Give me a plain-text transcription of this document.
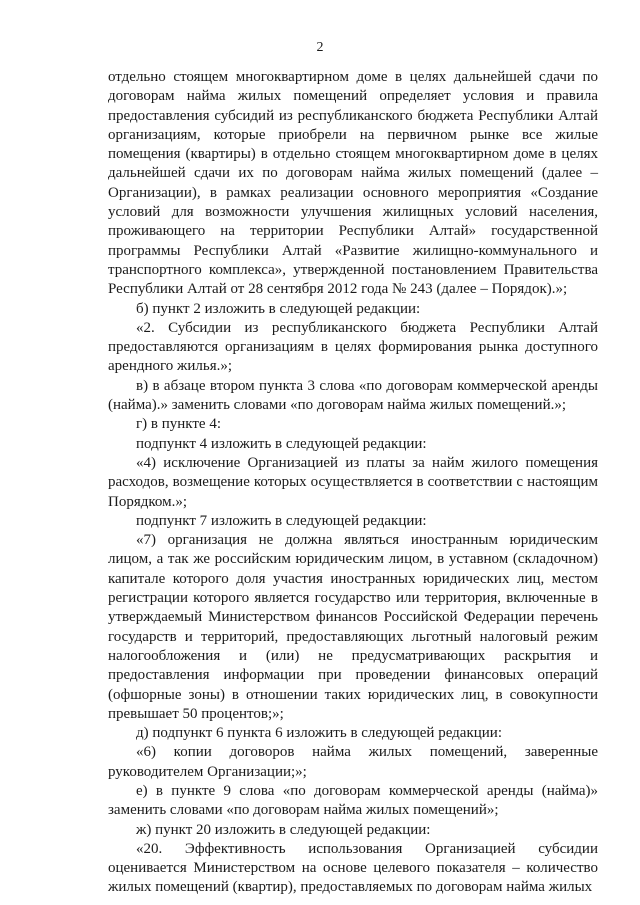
2

отдельно стоящем многоквартирном доме в целях дальнейшей сдачи по договорам найма жилых помещений определяет условия и правила предоставления субсидий из республиканского бюджета Республики Алтай организациям, которые приобрели на первичном рынке все жилые помещения (квартиры) в отдельно стоящем многоквартирном доме в целях дальнейшей сдачи их по договорам найма жилых помещений (далее – Организации), в рамках реализации основного мероприятия «Создание условий для возможности улучшения жилищных условий населения, проживающего на территории Республики Алтай» государственной программы Республики Алтай «Развитие жилищно-коммунального и транспортного комплекса», утвержденной постановлением Правительства Республики Алтай от 28 сентября 2012 года № 243 (далее – Порядок).»;

б) пункт 2 изложить в следующей редакции:

«2. Субсидии из республиканского бюджета Республики Алтай предоставляются организациям в целях формирования рынка доступного арендного жилья.»;

в) в абзаце втором пункта 3 слова «по договорам коммерческой аренды (найма).» заменить словами «по договорам найма жилых помещений.»;

г) в пункте 4:

подпункт 4 изложить в следующей редакции:

«4) исключение Организацией из платы за найм жилого помещения расходов, возмещение которых осуществляется в соответствии с настоящим Порядком.»;

подпункт 7 изложить в следующей редакции:

«7) организация не должна являться иностранным юридическим лицом, а так же российским юридическим лицом, в уставном (складочном) капитале которого доля участия иностранных юридических лиц, местом регистрации которого является государство или территория, включенные в утверждаемый Министерством финансов Российской Федерации перечень государств и территорий, предоставляющих льготный налоговый режим налогообложения и (или) не предусматривающих раскрытия и предоставления информации при проведении финансовых операций (офшорные зоны) в отношении таких юридических лиц, в совокупности превышает 50 процентов;»;

д) подпункт 6 пункта 6 изложить в следующей редакции:

«6) копии договоров найма жилых помещений, заверенные руководителем Организации;»;

е) в пункте 9 слова «по договорам коммерческой аренды (найма)» заменить словами «по договорам найма жилых помещений»;

ж) пункт 20 изложить в следующей редакции:

«20. Эффективность использования Организацией субсидии оценивается Министерством на основе целевого показателя – количество жилых помещений (квартир), предоставляемых по договорам найма жилых
